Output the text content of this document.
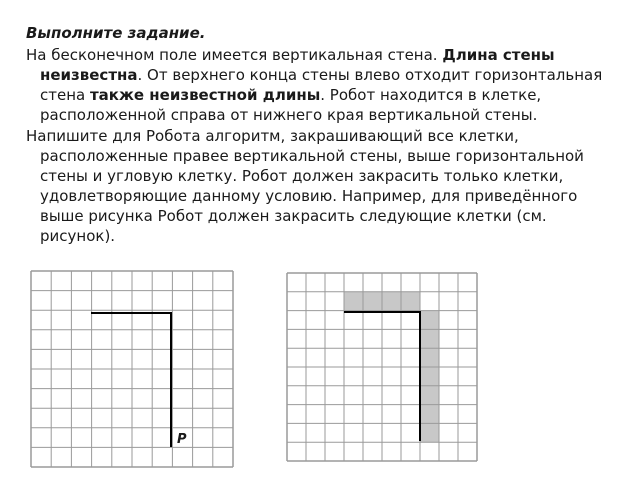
Выполните задание.

На бесконечном поле имеется вертикальная стена. Длина стены неизвестна. От верхнего конца стены влево отходит горизонтальная стена также неизвестной длины. Робот находится в клетке, расположенной справа от нижнего края вертикальной стены.

Напишите для Робота алгоритм, закрашивающий все клетки, расположенные правее вертикальной стены, выше горизонтальной стены и угловую клетку. Робот должен закрасить только клетки, удовлетворяющие данному условию. Например, для приведённого выше рисунка Робот должен закрасить следующие клетки (см. рисунок).

Р
